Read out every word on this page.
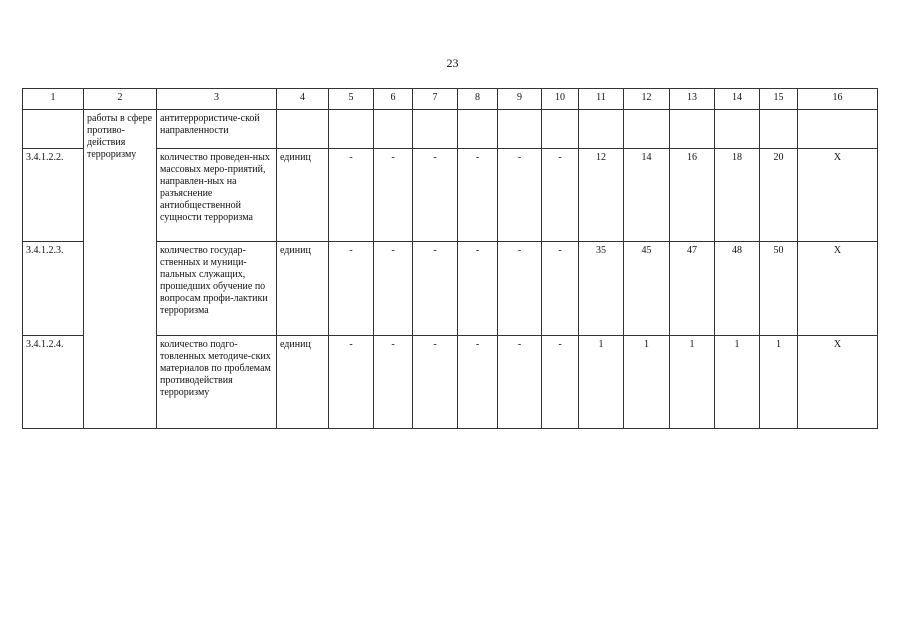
23
1	2	3	4	5	6	7	8	9	10	11	12	13	14	15	16
	работы в сфере противо-действия терроризму	антитеррористиче-ской направленности													
3.4.1.2.2.		количество проведен-ных массовых меро-приятий, направлен-ных на разъяснение антиобщественной сущности терроризма	единиц	-	-	-	-	-	-	12	14	16	18	20	X
3.4.1.2.3.		количество государ-ственных и муници-пальных служащих, прошедших обучение по вопросам профи-лактики терроризма	единиц	-	-	-	-	-	-	35	45	47	48	50	X
3.4.1.2.4.		количество подго-товленных методиче-ских материалов по проблемам противодействия терроризму	единиц	-	-	-	-	-	-	1	1	1	1	1	X
